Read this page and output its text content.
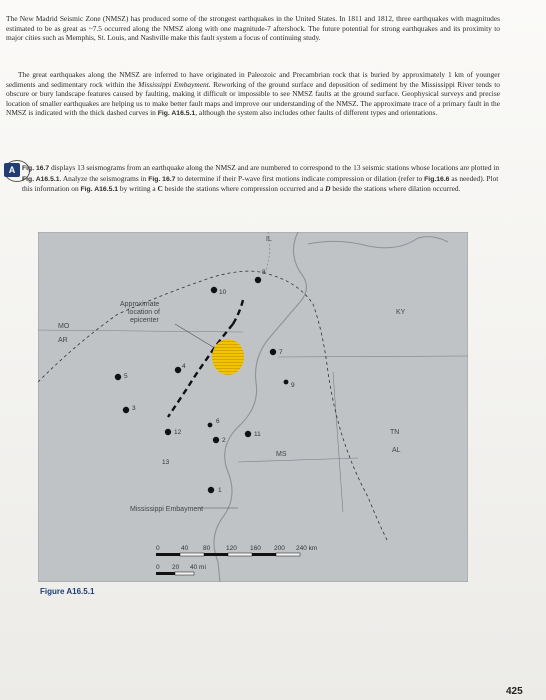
The New Madrid Seismic Zone (NMSZ) has produced some of the strongest earthquakes in the United States. In 1811 and 1812, three earthquakes with magnitudes estimated to be as great as ~7.5 occurred along the NMSZ along with one magnitude-7 aftershock. The future potential for strong earthquakes and its proximity to major cities such as Memphis, St. Louis, and Nashville make this fault system a focus of continuing study.

The great earthquakes along the NMSZ are inferred to have originated in Paleozoic and Precambrian rock that is buried by approximately 1 km of younger sediments and sedimentary rock within the Mississippi Embayment. Reworking of the ground surface and deposition of sediment by the Mississippi River tends to obscure or bury landscape features caused by faulting, making it difficult or impossible to see NMSZ faults at the ground surface. Geophysical surveys and precise location of smaller earthquakes are helping us to make better fault maps and improve our understanding of the NMSZ. The approximate trace of a primary fault in the NMSZ is indicated with the thick dashed curves in Fig. A16.5.1, although the system also includes other faults of different types and orientations.

A Fig. 16.7 displays 13 seismograms from an earthquake along the NMSZ and are numbered to correspond to the 13 seismic stations whose locations are plotted in Fig. A16.5.1. Analyze the seismograms in Fig. 16.7 to determine if their P-wave first motions indicate compression or dilation (refer to Fig.16.6 as needed). Plot this information on Fig. A16.5.1 by writing a C beside the stations where compression occurred and a D beside the stations where dilation occurred.

IL
KY
MO
AR
TN
AL
MS
Approximate
location of
epicenter
1
2
3
4
5
6
7
8
9
10
11
12
13
Mississippi Embayment
0	40 80 120 160 200 240 km
0 20 40 mi
Figure A16.5.1
425
